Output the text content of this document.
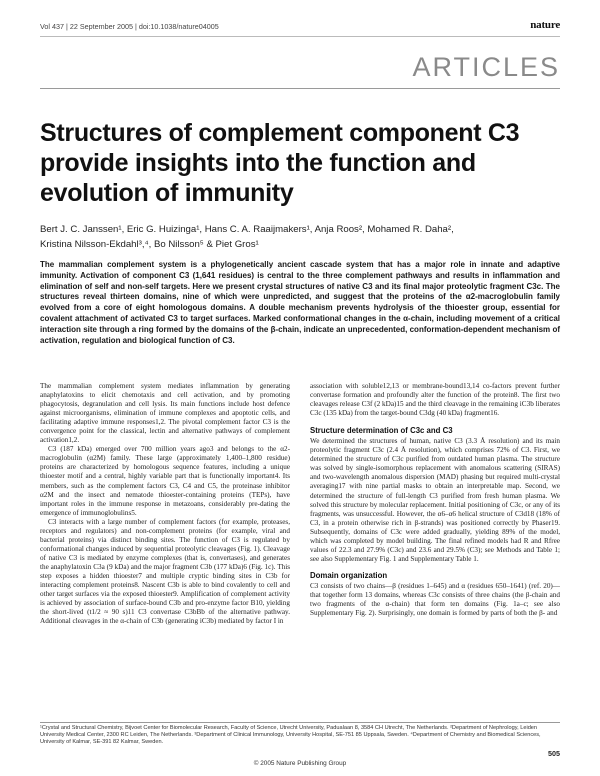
Vol 437 | 22 September 2005 | doi:10.1038/nature04005	nature
ARTICLES
Structures of complement component C3 provide insights into the function and evolution of immunity
Bert J. C. Janssen¹, Eric G. Huizinga¹, Hans C. A. Raaijmakers¹, Anja Roos², Mohamed R. Daha²,
Kristina Nilsson-Ekdahl³,⁴, Bo Nilsson⁵ & Piet Gros¹
The mammalian complement system is a phylogenetically ancient cascade system that has a major role in innate and adaptive immunity. Activation of component C3 (1,641 residues) is central to the three complement pathways and results in inflammation and elimination of self and non-self targets. Here we present crystal structures of native C3 and its final major proteolytic fragment C3c. The structures reveal thirteen domains, nine of which were unpredicted, and suggest that the proteins of the α2-macroglobulin family evolved from a core of eight homologous domains. A double mechanism prevents hydrolysis of the thioester group, essential for covalent attachment of activated C3 to target surfaces. Marked conformational changes in the α-chain, including movement of a critical interaction site through a ring formed by the domains of the β-chain, indicate an unprecedented, conformation-dependent mechanism of activation, regulation and biological function of C3.

The mammalian complement system mediates inflammation by generating anaphylatoxins to elicit chemotaxis and cell activation, and by promoting phagocytosis, degranulation and cell lysis. Its main functions include host defence against microorganisms, elimination of immune complexes and apoptotic cells, and facilitating adaptive immune responses1,2. The pivotal complement factor C3 is the convergence point for the classical, lectin and alternative pathways of complement activation1,2.

C3 (187 kDa) emerged over 700 million years ago3 and belongs to the α2-macroglobulin (α2M) family. These large (approximately 1,400–1,800 residue) proteins are characterized by homologous sequence features, including a unique thioester motif and a central, highly variable part that is functionally important4. Its members, such as the complement factors C3, C4 and C5, the proteinase inhibitor α2M and the insect and nematode thioester-containing proteins (TEPs), have important roles in the immune response in metazoans, considerably pre-dating the emergence of immunoglobulins5.

C3 interacts with a large number of complement factors (for example, proteases, receptors and regulators) and non-complement proteins (for example, viral and bacterial proteins) via distinct binding sites. The function of C3 is regulated by conformational changes induced by sequential proteolytic cleavages (Fig. 1). Cleavage of native C3 is mediated by enzyme complexes (that is, convertases), and generates the anaphylatoxin C3a (9 kDa) and the major fragment C3b (177 kDa)6 (Fig. 1c). This step exposes a hidden thioester7 and multiple cryptic binding sites in C3b for interacting complement proteins8. Nascent C3b is able to bind covalently to cell and other target surfaces via the exposed thioester9. Amplification of complement activity is achieved by association of surface-bound C3b and pro-enzyme factor B10, yielding the short-lived (t1/2 ≈ 90 s)11 C3 convertase C3bBb of the alternative pathway. Additional cleavages in the α-chain of C3b (generating iC3b) mediated by factor I in

association with soluble12,13 or membrane-bound13,14 co-factors prevent further convertase formation and profoundly alter the function of the protein8. The first two cleavages release C3f (2 kDa)15 and the third cleavage in the remaining iC3b liberates C3c (135 kDa) from the target-bound C3dg (40 kDa) fragment16.

Structure determination of C3c and C3

We determined the structures of human, native C3 (3.3 Å resolution) and its main proteolytic fragment C3c (2.4 Å resolution), which comprises 72% of C3. First, we determined the structure of C3c purified from outdated human plasma. The structure was solved by single-isomorphous replacement with anomalous scattering (SIRAS) and two-wavelength anomalous dispersion (MAD) phasing but required multi-crystal averaging17 with nine partial masks to obtain an interpretable map. Second, we determined the structure of full-length C3 purified from fresh human plasma. We solved this structure by molecular replacement. Initial positioning of C3c, or any of its fragments, was unsuccessful. However, the α6–α6 helical structure of C3d18 (18% of C3, in a protein otherwise rich in β-strands) was positioned correctly by Phaser19. Subsequently, domains of C3c were added gradually, yielding 89% of the model, which was completed by model building. The final refined models had R and Rfree values of 22.3 and 27.9% (C3c) and 23.6 and 29.5% (C3); see Methods and Table 1; see also Supplementary Fig. 1 and Supplementary Table 1.

Domain organization

C3 consists of two chains—β (residues 1–645) and α (residues 650–1641) (ref. 20)—that together form 13 domains, whereas C3c consists of three chains (the β-chain and two fragments of the α-chain) that form ten domains (Fig. 1a–c; see also Supplementary Fig. 2). Surprisingly, one domain is formed by parts of both the β- and

¹Crystal and Structural Chemistry, Bijvoet Center for Biomolecular Research, Faculty of Science, Utrecht University, Padualaan 8, 3584 CH Utrecht, The Netherlands. ²Department of Nephrology, Leiden University Medical Center, 2300 RC Leiden, The Netherlands. ³Department of Clinical Immunology, University Hospital, SE-751 85 Uppsala, Sweden. ⁴Department of Chemistry and Biomedical Sciences, University of Kalmar, SE-391 82 Kalmar, Sweden.
505
© 2005 Nature Publishing Group
